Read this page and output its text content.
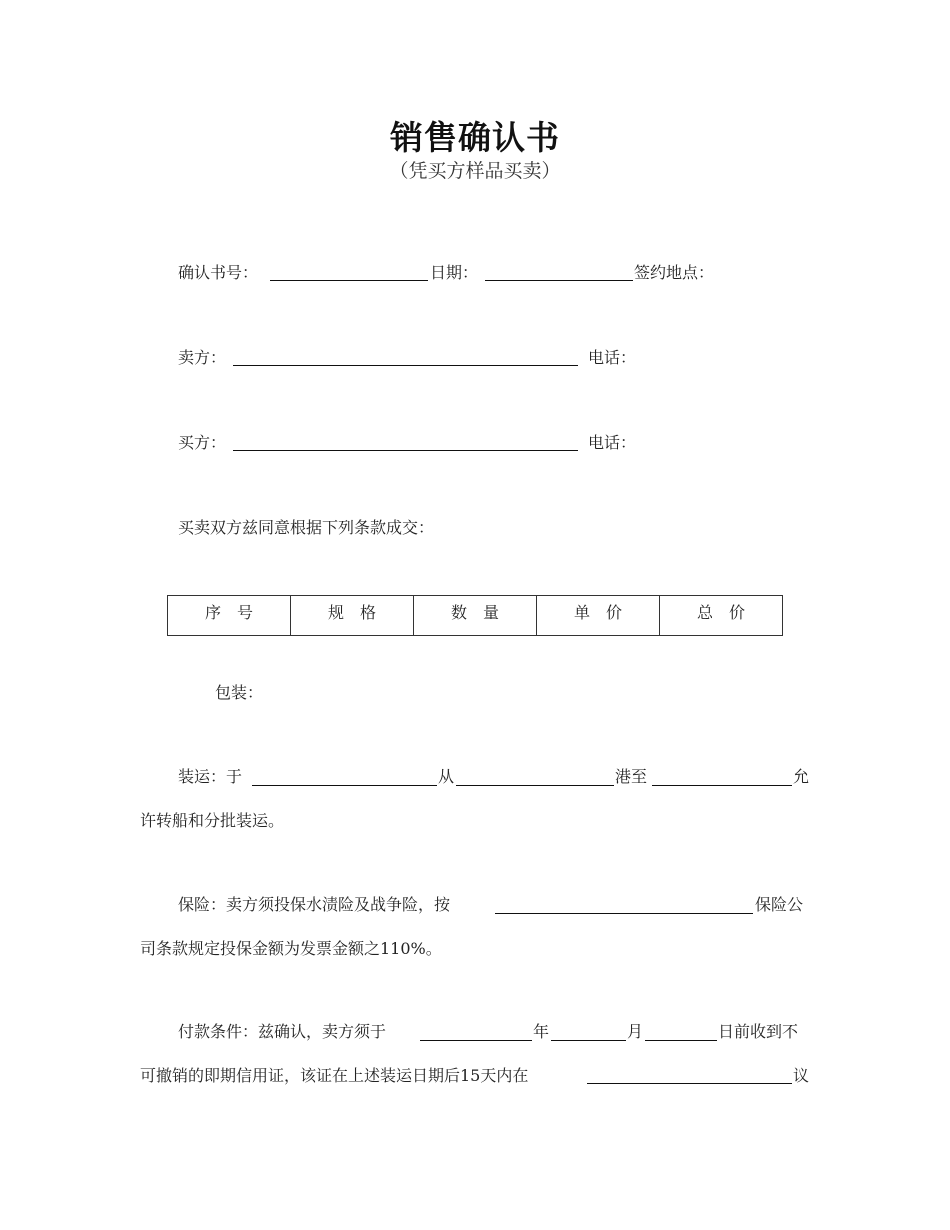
销售确认书
（凭买方样品买卖）
确认书号：	日期：	签约地点：
卖方：	电话：
买方：	电话：
买卖双方兹同意根据下列条款成交：
序　号	规　格	数　量	单　价	总　价
包装：
装运：于	从	港至	允
许转船和分批装运。
保险：卖方须投保水渍险及战争险，按	保险公
司条款规定投保金额为发票金额之110%。
付款条件：兹确认，卖方须于	年	月	日前收到不
可撤销的即期信用证，该证在上述装运日期后15天内在	议
